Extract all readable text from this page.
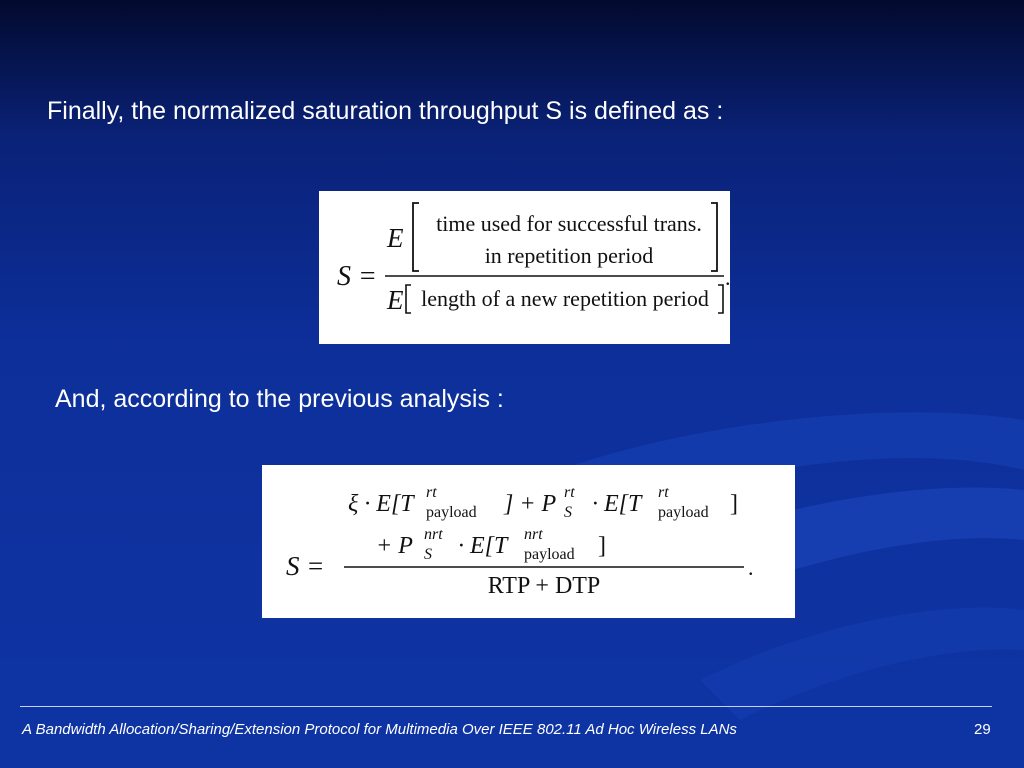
Finally, the normalized saturation throughput S is defined as :
S =
E time used for successful trans.
in repetition period
E length of a new repetition period
.
And, according to the previous analysis :
S =	.
ξ · E[T rt
payload ] + P rt
S · E[T rt
payload ]
+ P nrt
S · E[T nrt
payload ]
RTP + DTP
A Bandwidth Allocation/Sharing/Extension Protocol for Multimedia Over IEEE 802.11 Ad Hoc Wireless LANs	29
